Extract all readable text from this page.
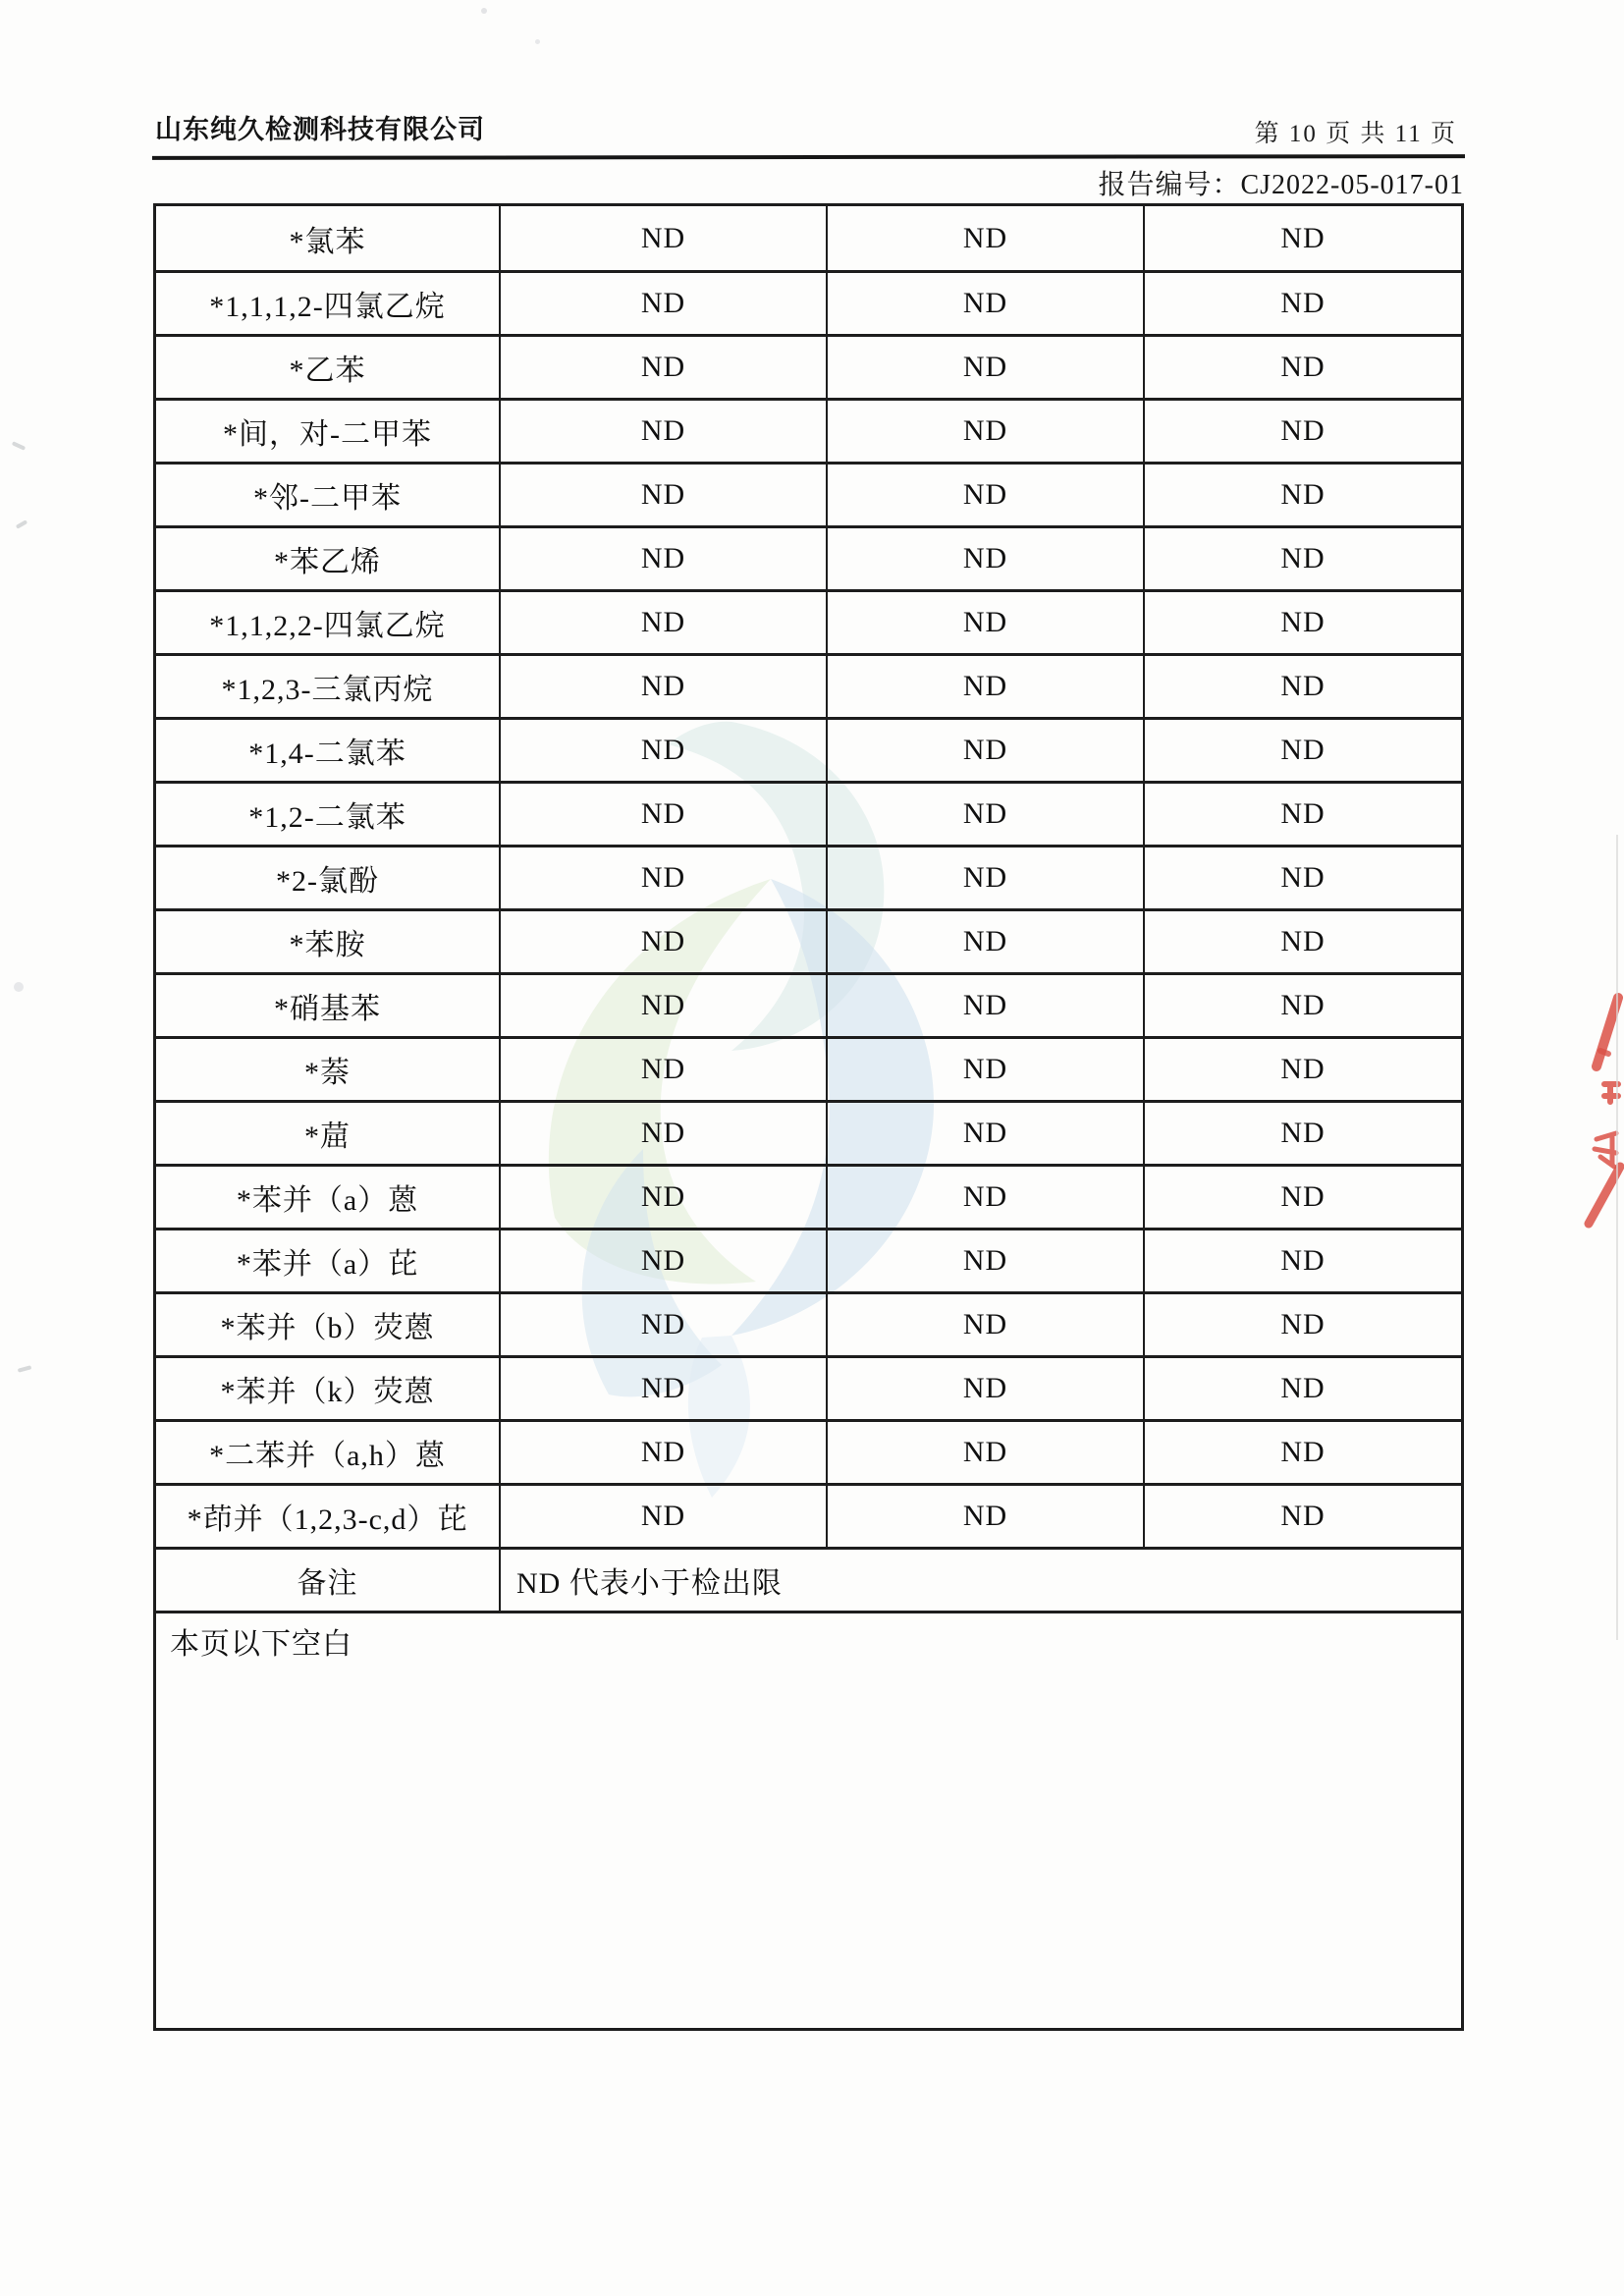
山东纯久检测科技有限公司	第 10 页 共 11 页
报告编号：CJ2022-05-017-01
*氯苯	ND	ND	ND
*1,1,1,2-四氯乙烷	ND	ND	ND
*乙苯	ND	ND	ND
*间，对-二甲苯	ND	ND	ND
*邻-二甲苯	ND	ND	ND
*苯乙烯	ND	ND	ND
*1,1,2,2-四氯乙烷	ND	ND	ND
*1,2,3-三氯丙烷	ND	ND	ND
*1,4-二氯苯	ND	ND	ND
*1,2-二氯苯	ND	ND	ND
*2-氯酚	ND	ND	ND
*苯胺	ND	ND	ND
*硝基苯	ND	ND	ND
*萘	ND	ND	ND
*䓛	ND	ND	ND
*苯并（a）蒽	ND	ND	ND
*苯并（a）芘	ND	ND	ND
*苯并（b）荧蒽	ND	ND	ND
*苯并（k）荧蒽	ND	ND	ND
*二苯并（a,h）蒽	ND	ND	ND
*茚并（1,2,3-c,d）芘	ND	ND	ND
备注	ND 代表小于检出限
本页以下空白
